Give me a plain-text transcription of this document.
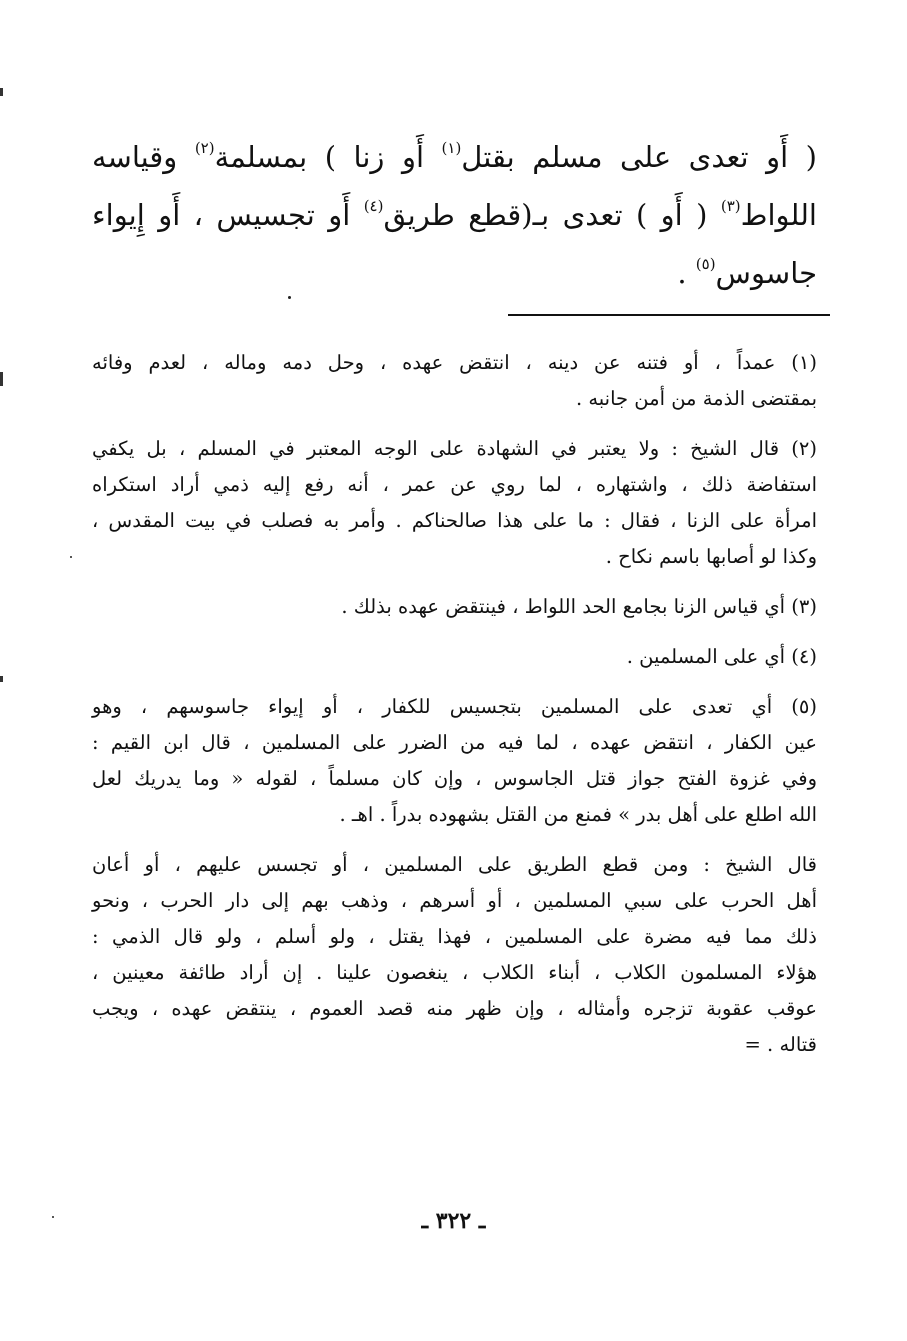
( أَو تعدى على مسلم بقتل$^{(١)}$ أَو زنا ) بمسلمة$^{(٢)}$ وقياسه
اللواط$^{(٣)}$ ( أَو ) تعدى بـ(قطع طريق$^{(٤)}$ أَو تجسيس ، أَو إِيواء
جاسوس$^{(٥)}$ .
(١) عمداً ، أو فتنه عن دينه ، انتقض عهده ، وحل دمه وماله ، لعدم وفائه
بمقتضى الذمة من أمن جانبه .
(٢) قال الشيخ : ولا يعتبر في الشهادة على الوجه المعتبر في المسلم ، بل يكفي
استفاضة ذلك ، واشتهاره ، لما روي عن عمر ، أنه رفع إليه ذمي أراد استكراه
امرأة على الزنا ، فقال : ما على هذا صالحناكم . وأمر به فصلب في بيت المقدس ،
وكذا لو أصابها باسم نكاح .
(٣) أي قياس الزنا بجامع الحد اللواط ، فينتقض عهده بذلك .
(٤) أي على المسلمين .
(٥) أي تعدى على المسلمين بتجسيس للكفار ، أو إيواء جاسوسهم ، وهو
عين الكفار ، انتقض عهده ، لما فيه من الضرر على المسلمين ، قال ابن القيم :
وفي غزوة الفتح جواز قتل الجاسوس ، وإن كان مسلماً ، لقوله « وما يدريك لعل
الله اطلع على أهل بدر » فمنع من القتل بشهوده بدراً . اهـ .
قال الشيخ : ومن قطع الطريق على المسلمين ، أو تجسس عليهم ، أو أعان
أهل الحرب على سبي المسلمين ، أو أسرهم ، وذهب بهم إلى دار الحرب ، ونحو
ذلك مما فيه مضرة على المسلمين ، فهذا يقتل ، ولو أسلم ، ولو قال الذمي :
هؤلاء المسلمون الكلاب ، أبناء الكلاب ، ينغصون علينا . إن أراد طائفة معينين ،
عوقب عقوبة تزجره وأمثاله ، وإن ظهر منه قصد العموم ، ينتقض عهده ، ويجب
قتاله . =
ـ ٣٢٢ ـ
